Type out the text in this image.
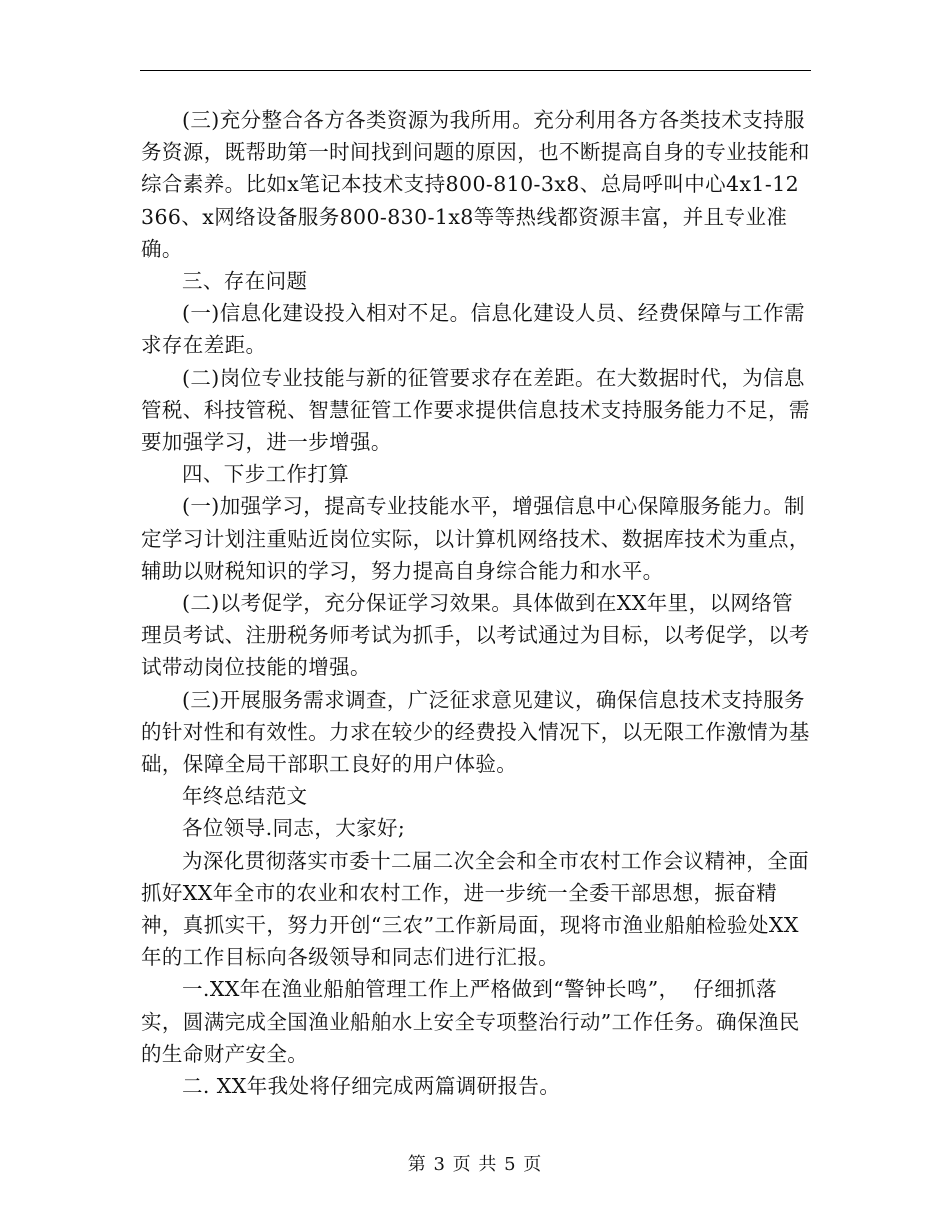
(三)充分整合各方各类资源为我所用。充分利用各方各类技术支持服务资源，既帮助第一时间找到问题的原因，也不断提高自身的专业技能和综合素养。比如x笔记本技术支持800-810-3x8、总局呼叫中心4x1-12366、x网络设备服务800-830-1x8等等热线都资源丰富，并且专业准确。

三、存在问题

(一)信息化建设投入相对不足。信息化建设人员、经费保障与工作需求存在差距。

(二)岗位专业技能与新的征管要求存在差距。在大数据时代，为信息管税、科技管税、智慧征管工作要求提供信息技术支持服务能力不足，需要加强学习，进一步增强。

四、下步工作打算

(一)加强学习，提高专业技能水平，增强信息中心保障服务能力。制定学习计划注重贴近岗位实际，以计算机网络技术、数据库技术为重点，辅助以财税知识的学习，努力提高自身综合能力和水平。

(二)以考促学，充分保证学习效果。具体做到在XX年里，以网络管理员考试、注册税务师考试为抓手，以考试通过为目标，以考促学，以考试带动岗位技能的增强。

(三)开展服务需求调查，广泛征求意见建议，确保信息技术支持服务的针对性和有效性。力求在较少的经费投入情况下，以无限工作激情为基础，保障全局干部职工良好的用户体验。

年终总结范文

各位领导.同志，大家好;

为深化贯彻落实市委十二届二次全会和全市农村工作会议精神，全面抓好XX年全市的农业和农村工作，进一步统一全委干部思想，振奋精神，真抓实干，努力开创“三农”工作新局面，现将市渔业船舶检验处XX年的工作目标向各级领导和同志们进行汇报。

一.XX年在渔业船舶管理工作上严格做到“警钟长鸣”，  仔细抓落实，圆满完成全国渔业船舶水上安全专项整治行动”工作任务。确保渔民的生命财产安全。

二. XX年我处将仔细完成两篇调研报告。

第 3 页 共 5 页
